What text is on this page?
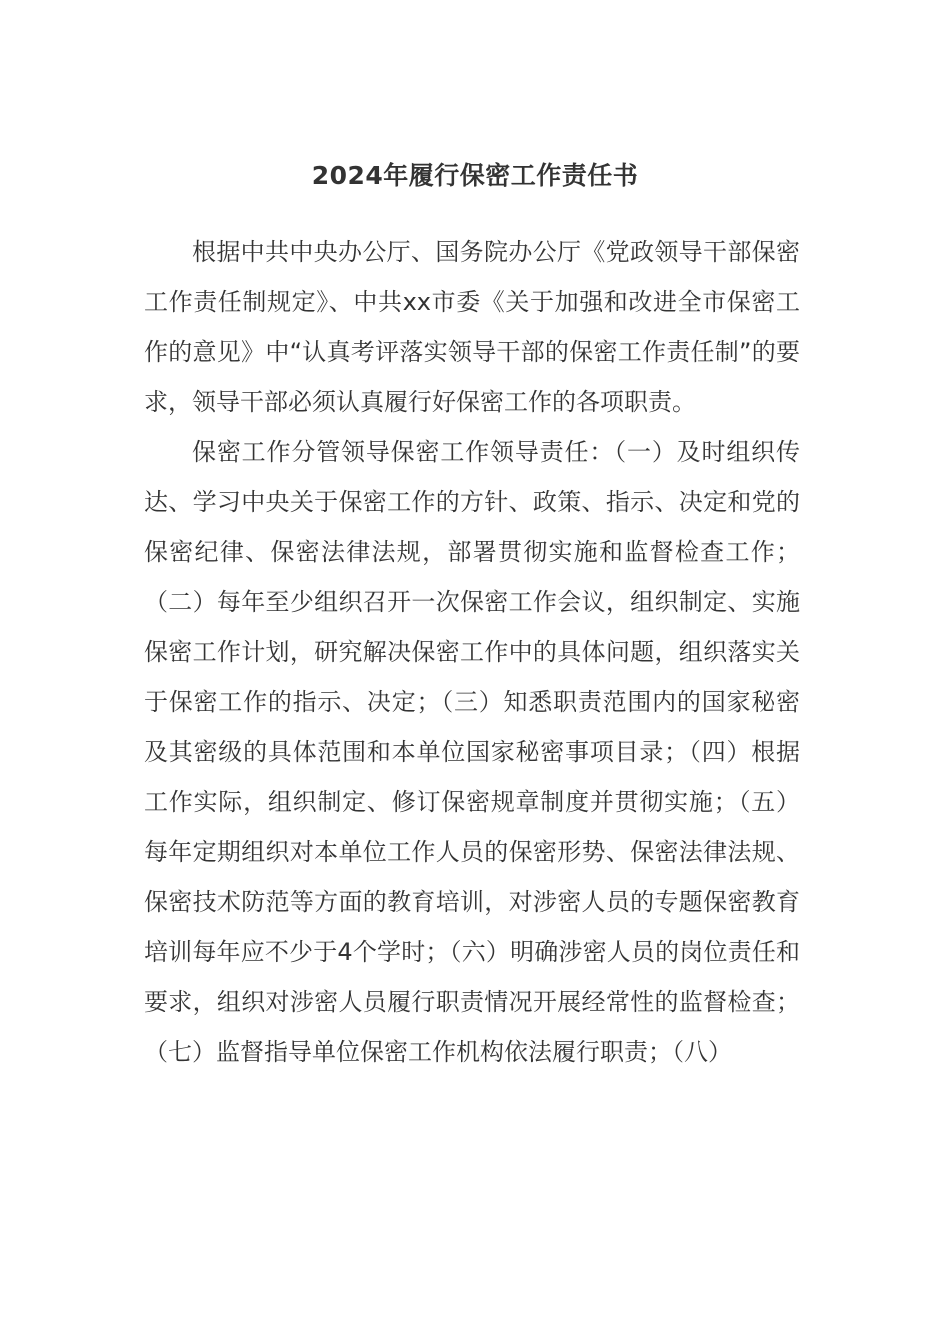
2024年履行保密工作责任书

根据中共中央办公厅、国务院办公厅《党政领导干部保密工作责任制规定》、中共xx市委《关于加强和改进全市保密工作的意见》中“认真考评落实领导干部的保密工作责任制”的要求，领导干部必须认真履行好保密工作的各项职责。

保密工作分管领导保密工作领导责任：（一）及时组织传达、学习中央关于保密工作的方针、政策、指示、决定和党的保密纪律、保密法律法规，部署贯彻实施和监督检查工作；（二）每年至少组织召开一次保密工作会议，组织制定、实施保密工作计划，研究解决保密工作中的具体问题，组织落实关于保密工作的指示、决定；（三）知悉职责范围内的国家秘密及其密级的具体范围和本单位国家秘密事项目录；（四）根据工作实际，组织制定、修订保密规章制度并贯彻实施；（五）每年定期组织对本单位工作人员的保密形势、保密法律法规、保密技术防范等方面的教育培训，对涉密人员的专题保密教育培训每年应不少于4个学时；（六）明确涉密人员的岗位责任和要求，组织对涉密人员履行职责情况开展经常性的监督检查；（七）监督指导单位保密工作机构依法履行职责；（八）
